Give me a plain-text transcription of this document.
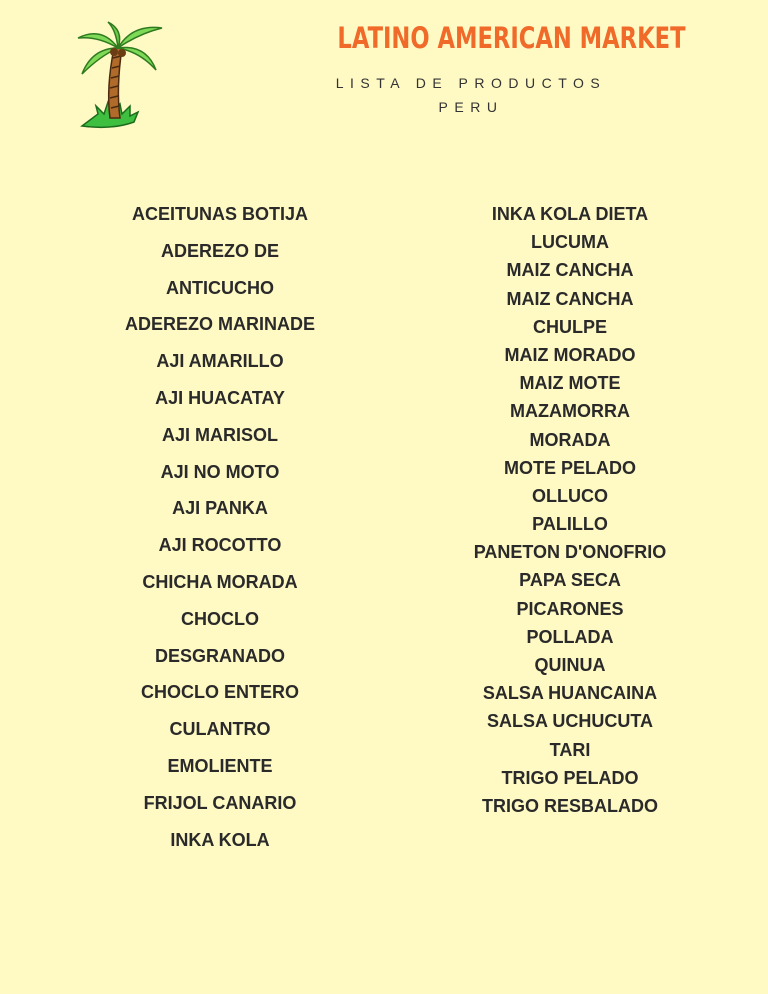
LATINO AMERICAN MARKET
LISTA DE PRODUCTOS
PERU
ACEITUNAS BOTIJA
ADEREZO DE
ANTICUCHO
ADEREZO MARINADE
AJI AMARILLO
AJI HUACATAY
AJI MARISOL
AJI NO MOTO
AJI PANKA
AJI ROCOTTO
CHICHA MORADA
CHOCLO
DESGRANADO
CHOCLO ENTERO
CULANTRO
EMOLIENTE
FRIJOL CANARIO
INKA KOLA
INKA KOLA DIETA
LUCUMA
MAIZ CANCHA
MAIZ CANCHA
CHULPE
MAIZ MORADO
MAIZ MOTE
MAZAMORRA
MORADA
MOTE PELADO
OLLUCO
PALILLO
PANETON D'ONOFRIO
PAPA SECA
PICARONES
POLLADA
QUINUA
SALSA HUANCAINA
SALSA UCHUCUTA
TARI
TRIGO PELADO
TRIGO RESBALADO
